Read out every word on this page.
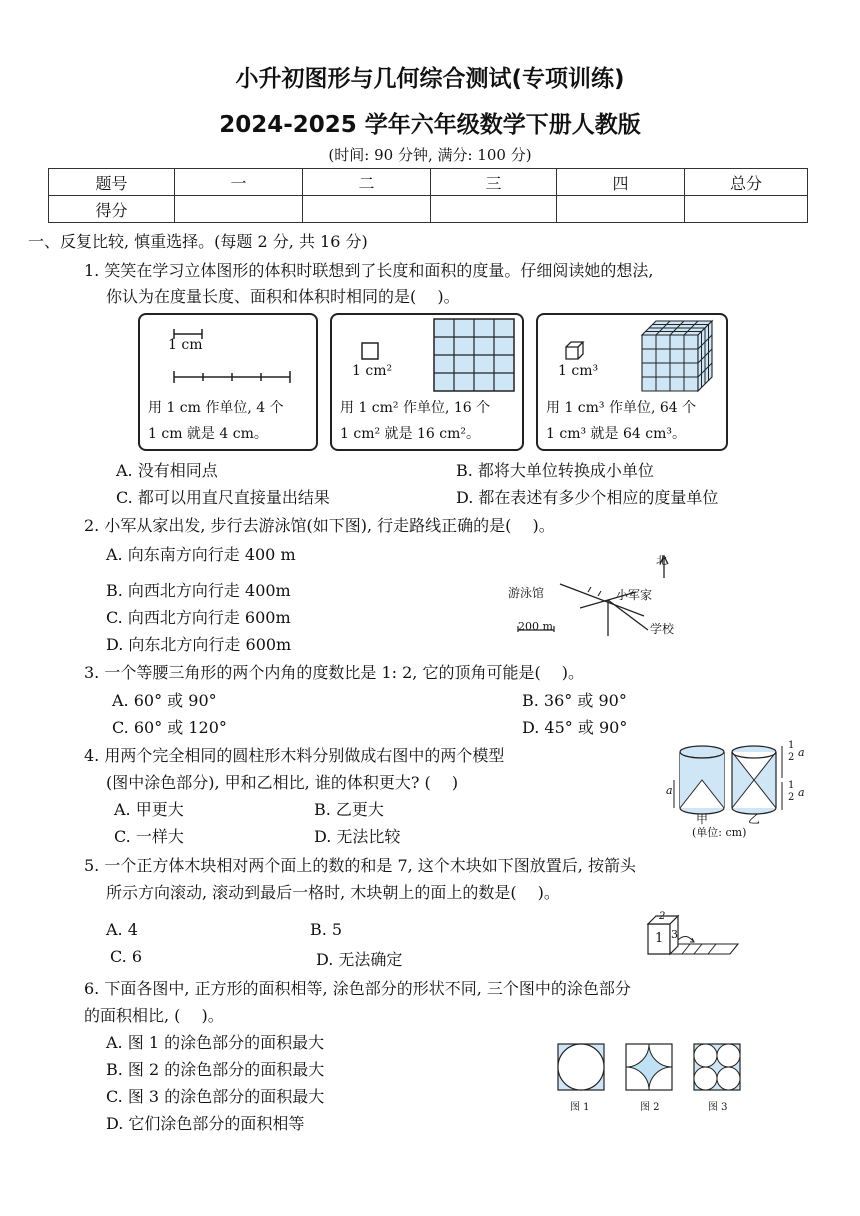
小升初图形与几何综合测试(专项训练)
2024-2025 学年六年级数学下册人教版
(时间: 90 分钟, 满分: 100 分)
题号	一	二	三	四	总分
得分					
一、反复比较, 慎重选择。(每题 2 分, 共 16 分)
1. 笑笑在学习立体图形的体积时联想到了长度和面积的度量。仔细阅读她的想法,
你认为在度量长度、面积和体积时相同的是(　 )。
1 cm
用 1 cm 作单位, 4 个
1 cm 就是 4 cm。
1 cm²
用 1 cm² 作单位, 16 个
1 cm² 就是 16 cm²。
1 cm³
用 1 cm³ 作单位, 64 个
1 cm³ 就是 64 cm³。
A. 没有相同点	B. 都将大单位转换成小单位
C. 都可以用直尺直接量出结果	D. 都在表述有多少个相应的度量单位
2. 小军从家出发, 步行去游泳馆(如下图), 行走路线正确的是(　 )。
A. 向东南方向行走 400 m
B. 向西北方向行走 400m
C. 向西北方向行走 600m
D. 向东北方向行走 600m
北
游泳馆	小军家
学校
200 m
3. 一个等腰三角形的两个内角的度数比是 1: 2, 它的顶角可能是(　 )。
A. 60° 或 90°	B. 36° 或 90°
C. 60° 或 120°	D. 45° 或 90°
4. 用两个完全相同的圆柱形木料分别做成右图中的两个模型
(图中涂色部分), 甲和乙相比, 谁的体积更大? (　 )
A. 甲更大	B. 乙更大
C. 一样大	D. 无法比较
a
1
2 a
1
2 a
甲	乙
(单位: cm)
5. 一个正方体木块相对两个面上的数的和是 7, 这个木块如下图放置后, 按箭头
所示方向滚动, 滚动到最后一格时, 木块朝上的面上的数是(　 )。
A. 4	B. 5
C. 6	D. 无法确定
2
1 3
6. 下面各图中, 正方形的面积相等, 涂色部分的形状不同, 三个图中的涂色部分
的面积相比, (　 )。
A. 图 1 的涂色部分的面积最大
B. 图 2 的涂色部分的面积最大
C. 图 3 的涂色部分的面积最大
D. 它们涂色部分的面积相等
图 1	图 2	图 3
